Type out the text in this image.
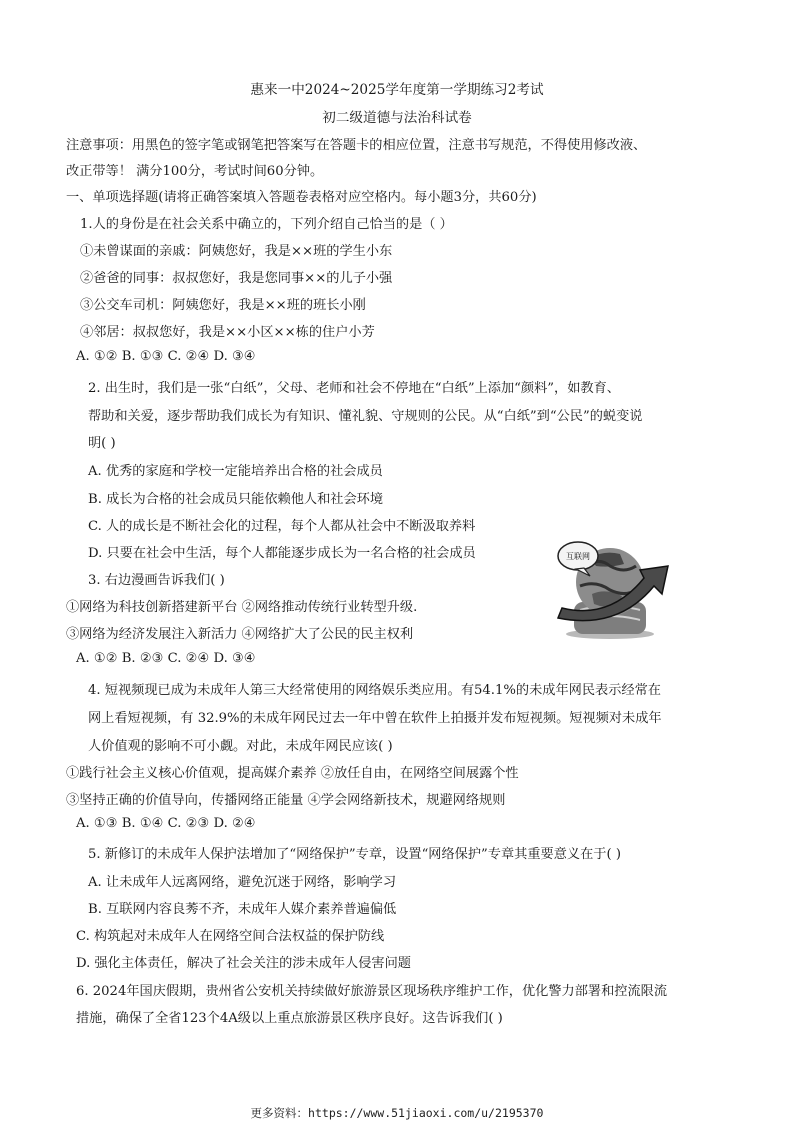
惠来一中2024~2025学年度第一学期练习2考试
初二级道德与法治科试卷
注意事项：用黑色的签字笔或钢笔把答案写在答题卡的相应位置，注意书写规范，不得使用修改液、
改正带等！ 满分100分，考试时间60分钟。
一、单项选择题(请将正确答案填入答题卷表格对应空格内。每小题3分，共60分)
1.人的身份是在社会关系中确立的，下列介绍自己恰当的是（ ）
①未曾谋面的亲戚：阿姨您好，我是××班的学生小东
②爸爸的同事：叔叔您好，我是您同事××的儿子小强
③公交车司机：阿姨您好，我是××班的班长小刚
④邻居：叔叔您好，我是××小区××栋的住户小芳
A. ①② B. ①③ C. ②④ D. ③④
2. 出生时，我们是一张“白纸”，父母、老师和社会不停地在“白纸”上添加“颜料”，如教育、
帮助和关爱，逐步帮助我们成长为有知识、懂礼貌、守规则的公民。从“白纸”到“公民”的蜕变说
明( )
A. 优秀的家庭和学校一定能培养出合格的社会成员
B. 成长为合格的社会成员只能依赖他人和社会环境
C. 人的成长是不断社会化的过程，每个人都从社会中不断汲取养料
D. 只要在社会中生活，每个人都能逐步成长为一名合格的社会成员
3. 右边漫画告诉我们( )
①网络为科技创新搭建新平台 ②网络推动传统行业转型升级.
③网络为经济发展注入新活力 ④网络扩大了公民的民主权利
A. ①② B. ②③ C. ②④ D. ③④
互联网
4. 短视频现已成为未成年人第三大经常使用的网络娱乐类应用。有54.1%的未成年网民表示经常在
网上看短视频，有 32.9%的未成年网民过去一年中曾在软件上拍摄并发布短视频。短视频对未成年
人价值观的影响不可小觑。对此，未成年网民应该( )
①践行社会主义核心价值观，提高媒介素养 ②放任自由，在网络空间展露个性
③坚持正确的价值导向，传播网络正能量 ④学会网络新技术，规避网络规则
A. ①③ B. ①④ C. ②③ D. ②④
5. 新修订的未成年人保护法增加了“网络保护”专章，设置“网络保护”专章其重要意义在于( )
A. 让未成年人远离网络，避免沉迷于网络，影响学习
B. 互联网内容良莠不齐，未成年人媒介素养普遍偏低
C. 构筑起对未成年人在网络空间合法权益的保护防线
D. 强化主体责任，解决了社会关注的涉未成年人侵害问题
6. 2024年国庆假期，贵州省公安机关持续做好旅游景区现场秩序维护工作，优化警力部署和控流限流
措施，确保了全省123个4A级以上重点旅游景区秩序良好。这告诉我们( )
更多资料：https://www.51jiaoxi.com/u/2195370
